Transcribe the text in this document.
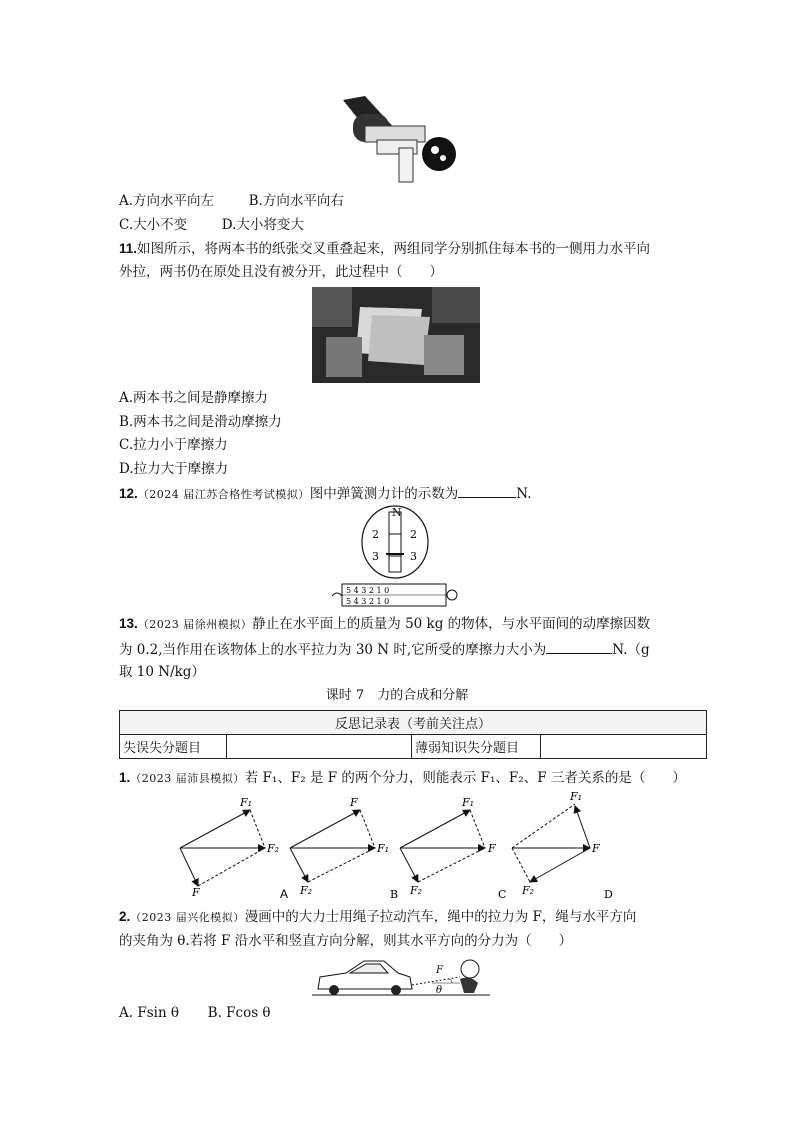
A.方向水平向左	B.方向水平向右
C.大小不变	D.大小将变大
11.如图所示，将两本书的纸张交叉重叠起来，两组同学分别抓住每本书的一侧用力水平向
外拉，两书仍在原处且没有被分开，此过程中（　　）
A.两本书之间是静摩擦力
B.两本书之间是滑动摩擦力
C.拉力小于摩擦力
D.拉力大于摩擦力
12.（2024 届江苏合格性考试模拟）图中弹簧测力计的示数为	N.
N
2
3
2
3
5 4 3 2 1 0
5 4 3 2 1 0
13.（2023 届徐州模拟）静止在水平面上的质量为 50 kg 的物体，与水平面间的动摩擦因数
为 0.2,当作用在该物体上的水平拉力为 30 N 时,它所受的摩擦力大小为	N.（g
取 10 N/kg）
课时 7　力的合成和分解
反思记录表（考前关注点）
失误失分题目		薄弱知识失分题目	
1.（2023 届沛县模拟）若 F₁、F₂ 是 F 的两个分力，则能表示 F₁、F₂、F 三者关系的是（　　）
F₁
F₂
F
F
F₁
F₂
A
F₁
F
F₂
B
F₁
F
F₂
C	D
2.（2023 届兴化模拟）漫画中的大力士用绳子拉动汽车，绳中的拉力为 F，绳与水平方向
的夹角为 θ.若将 F 沿水平和竖直方向分解，则其水平方向的分力为（　　）
F
θ
A. Fsin θ B. Fcos θ
